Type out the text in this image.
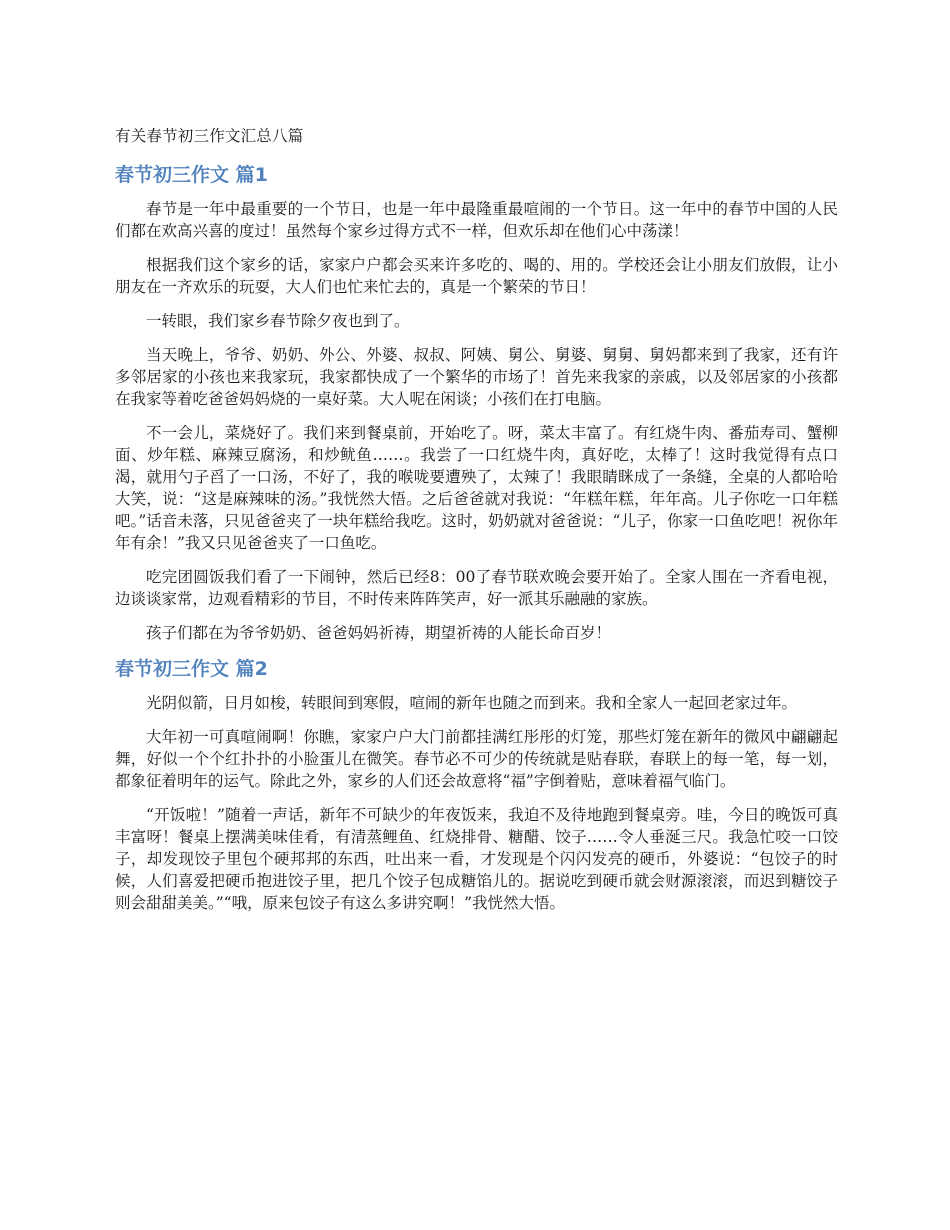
有关春节初三作文汇总八篇
春节初三作文 篇1

春节是一年中最重要的一个节日，也是一年中最隆重最喧闹的一个节日。这一年中的春节中国的人民们都在欢高兴喜的度过！虽然每个家乡过得方式不一样，但欢乐却在他们心中荡漾！

根据我们这个家乡的话，家家户户都会买来许多吃的、喝的、用的。学校还会让小朋友们放假，让小朋友在一齐欢乐的玩耍，大人们也忙来忙去的，真是一个繁荣的节日！

一转眼，我们家乡春节除夕夜也到了。

当天晚上，爷爷、奶奶、外公、外婆、叔叔、阿姨、舅公、舅婆、舅舅、舅妈都来到了我家，还有许多邻居家的小孩也来我家玩，我家都快成了一个繁华的市场了！首先来我家的亲戚，以及邻居家的小孩都在我家等着吃爸爸妈妈烧的一桌好菜。大人呢在闲谈；小孩们在打电脑。

不一会儿，菜烧好了。我们来到餐桌前，开始吃了。呀，菜太丰富了。有红烧牛肉、番茄寿司、蟹柳面、炒年糕、麻辣豆腐汤，和炒鱿鱼……。我尝了一口红烧牛肉，真好吃，太棒了！这时我觉得有点口渴，就用勺子舀了一口汤，不好了，我的喉咙要遭殃了，太辣了！我眼睛眯成了一条缝，全桌的人都哈哈大笑，说：“这是麻辣味的汤。”我恍然大悟。之后爸爸就对我说：“年糕年糕，年年高。儿子你吃一口年糕吧。”话音未落，只见爸爸夹了一块年糕给我吃。这时，奶奶就对爸爸说：“儿子，你家一口鱼吃吧！祝你年年有余！”我又只见爸爸夹了一口鱼吃。

吃完团圆饭我们看了一下闹钟，然后已经8：00了春节联欢晚会要开始了。全家人围在一齐看电视，边谈谈家常，边观看精彩的节目，不时传来阵阵笑声，好一派其乐融融的家族。

孩子们都在为爷爷奶奶、爸爸妈妈祈祷，期望祈祷的人能长命百岁！

春节初三作文 篇2

光阴似箭，日月如梭，转眼间到寒假，喧闹的新年也随之而到来。我和全家人一起回老家过年。

大年初一可真喧闹啊！你瞧，家家户户大门前都挂满红彤彤的灯笼，那些灯笼在新年的微风中翩翩起舞，好似一个个红扑扑的小脸蛋儿在微笑。春节必不可少的传统就是贴春联，春联上的每一笔，每一划，都象征着明年的运气。除此之外，家乡的人们还会故意将“福”字倒着贴，意味着福气临门。

“开饭啦！”随着一声话，新年不可缺少的年夜饭来，我迫不及待地跑到餐桌旁。哇，今日的晚饭可真丰富呀！餐桌上摆满美味佳肴，有清蒸鲤鱼、红烧排骨、糖醋、饺子……令人垂涎三尺。我急忙咬一口饺子，却发现饺子里包个硬邦邦的东西，吐出来一看，才发现是个闪闪发亮的硬币，外婆说：“包饺子的时候，人们喜爱把硬币抱进饺子里，把几个饺子包成糖馅儿的。据说吃到硬币就会财源滚滚，而迟到糖饺子则会甜甜美美。”“哦，原来包饺子有这么多讲究啊！”我恍然大悟。
